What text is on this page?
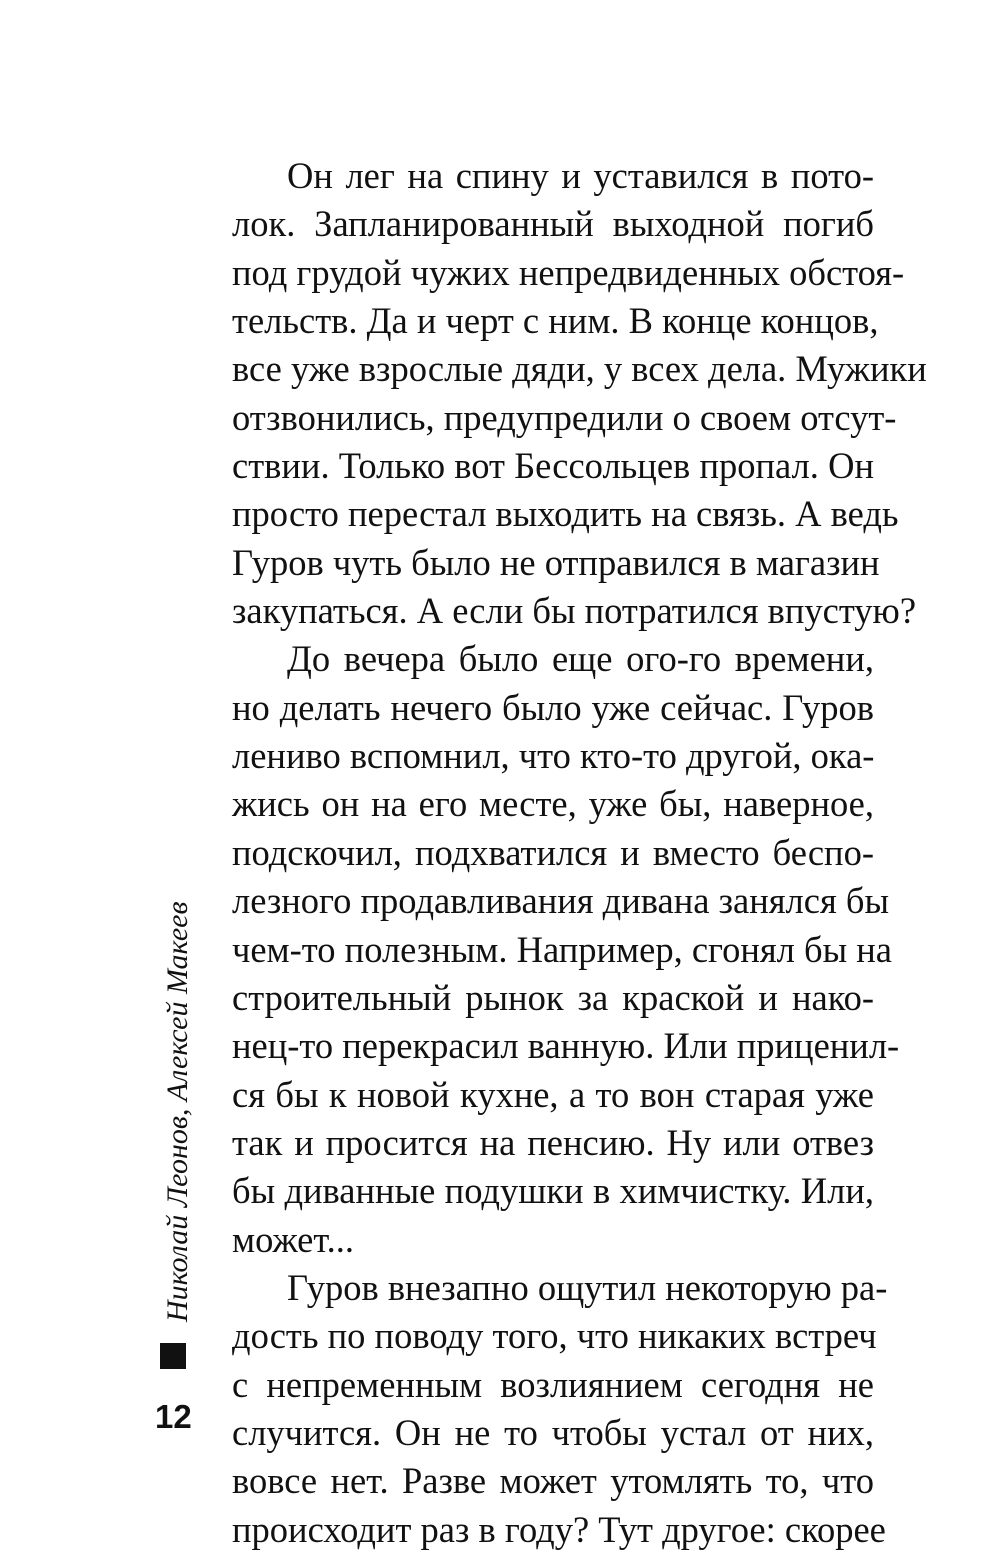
Он лег на спину и уставился в пото-
лок. Запланированный выходной погиб
под грудой чужих непредвиденных обстоя-
тельств. Да и черт с ним. В конце концов,
все уже взрослые дяди, у всех дела. Мужики
отзвонились, предупредили о своем отсут-
ствии. Только вот Бессольцев пропал. Он
просто перестал выходить на связь. А ведь
Гуров чуть было не отправился в магазин
закупаться. А если бы потратился впустую?
До вечера было еще ого-го времени,
но делать нечего было уже сейчас. Гуров
лениво вспомнил, что кто-то другой, ока-
жись он на его месте, уже бы, наверное,
подскочил, подхватился и вместо беспо-
лезного продавливания дивана занялся бы
чем-то полезным. Например, сгонял бы на
строительный рынок за краской и нако-
нец-то перекрасил ванную. Или приценил-
ся бы к новой кухне, а то вон старая уже
так и просится на пенсию. Ну или отвез
бы диванные подушки в химчистку. Или,
может...
Гуров внезапно ощутил некоторую ра-
дость по поводу того, что никаких встреч
с непременным возлиянием сегодня не
случится. Он не то чтобы устал от них,
вовсе нет. Разве может утомлять то, что
происходит раз в году? Тут другое: скорее
Николай Леонов, Алексей Макеев
12
